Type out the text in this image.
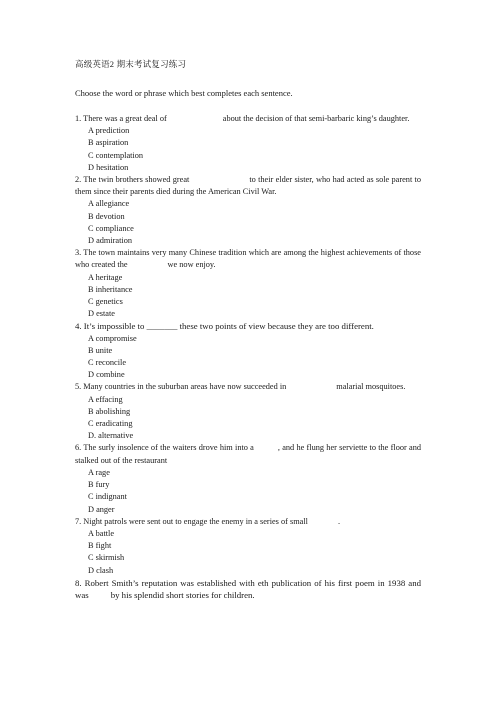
高级英语2 期末考试复习练习
Choose the word or phrase which best completes each sentence.
1. There was a great deal of	about the decision of that semi-barbaric king’s daughter.
A prediction
B aspiration
C contemplation
D hesitation
2. The twin brothers showed great	to their elder sister, who had acted as sole parent to them since their parents died during the American Civil War.
A allegiance
B devotion
C compliance
D admiration
3. The town maintains very many Chinese tradition which are among the highest achievements of those who created the	we now enjoy.
A heritage
B inheritance
C genetics
D estate
4. It’s impossible to _______ these two points of view because they are too different.
A compromise
B unite
C reconcile
D combine
5. Many countries in the suburban areas have now succeeded in	malarial mosquitoes.
A effacing
B abolishing
C eradicating
D. alternative
6. The surly insolence of the waiters drove him into a	, and he flung her serviette to the floor and stalked out of the restaurant
A rage
B fury
C indignant
D anger
7. Night patrols were sent out to engage the enemy in a series of small	.
A battle
B fight
C skirmish
D clash
8. Robert Smith’s reputation was established with eth publication of his first poem in 1938 and was	by his splendid short stories for children.
